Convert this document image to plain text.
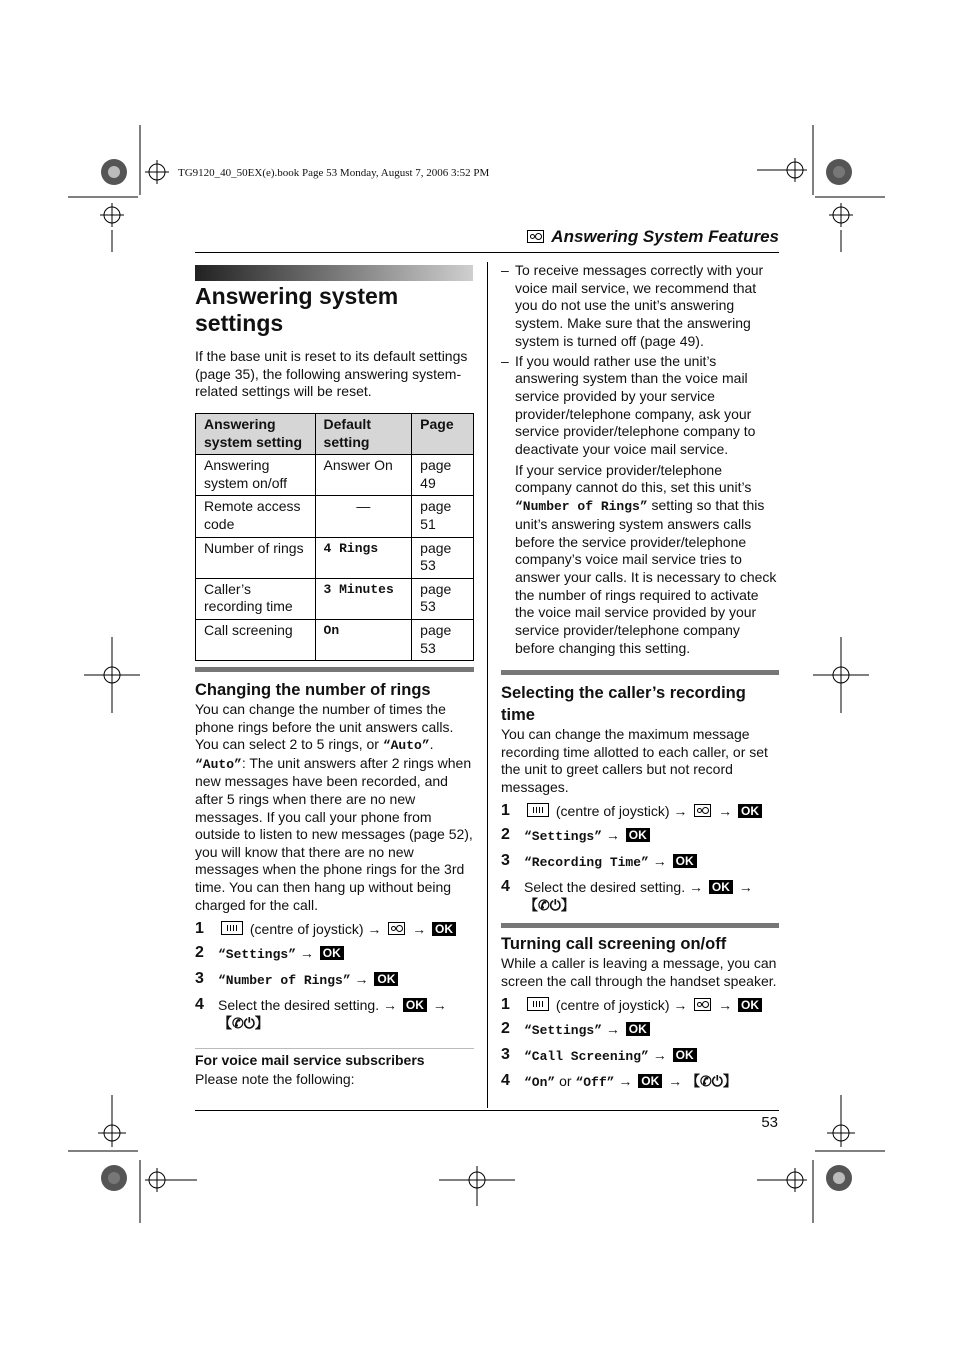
TG9120_40_50EX(e).book Page 53 Monday, August 7, 2006 3:52 PM
Answering System Features
53
Answering system
settings

If the base unit is reset to its default settings (page 35), the following answering system-related settings will be reset.

Answering system setting	Default setting	Page
Answering system on/off	Answer On	page 49
Remote access code	—	page 51
Number of rings	4 Rings	page 53
Caller’s recording time	3 Minutes	page 53
Call screening	On	page 53
Changing the number of rings

You can change the number of times the phone rings before the unit answers calls. You can select 2 to 5 rings, or “Auto”.

“Auto”: The unit answers after 2 rings when new messages have been recorded, and after 5 rings when there are no new messages. If you call your phone from outside to listen to new messages (page 52), you will know that there are no new messages when the phone rings for the 3rd time. You can then hang up without being charged for the call.

1	(centre of joystick) → → OK
2	“Settings” → OK
3	“Number of Rings” → OK
4	Select the desired setting. → OK →
【✆⏻】

For voice mail service subscribers

Please note the following:

– To receive messages correctly with your voice mail service, we recommend that you do not use the unit’s answering system. Make sure that the answering system is turned off (page 49).
– If you would rather use the unit’s answering system than the voice mail service provided by your service provider/telephone company, ask your service provider/telephone company to deactivate your voice mail service.

If your service provider/telephone company cannot do this, set this unit’s “Number of Rings” setting so that this unit’s answering system answers calls before the service provider/telephone company’s voice mail service tries to answer your calls. It is necessary to check the number of rings required to activate the voice mail service provided by your service provider/telephone company before changing this setting.

Selecting the caller’s recording time

You can change the maximum message recording time allotted to each caller, or set the unit to greet callers but not record messages.

1	(centre of joystick) → → OK
2	“Settings” → OK
3	“Recording Time” → OK
4	Select the desired setting. → OK →
【✆⏻】
Turning call screening on/off

While a caller is leaving a message, you can screen the call through the handset speaker.

1	(centre of joystick) → → OK
2	“Settings” → OK
3	“Call Screening” → OK
4	“On” or “Off” → OK → 【✆⏻】
